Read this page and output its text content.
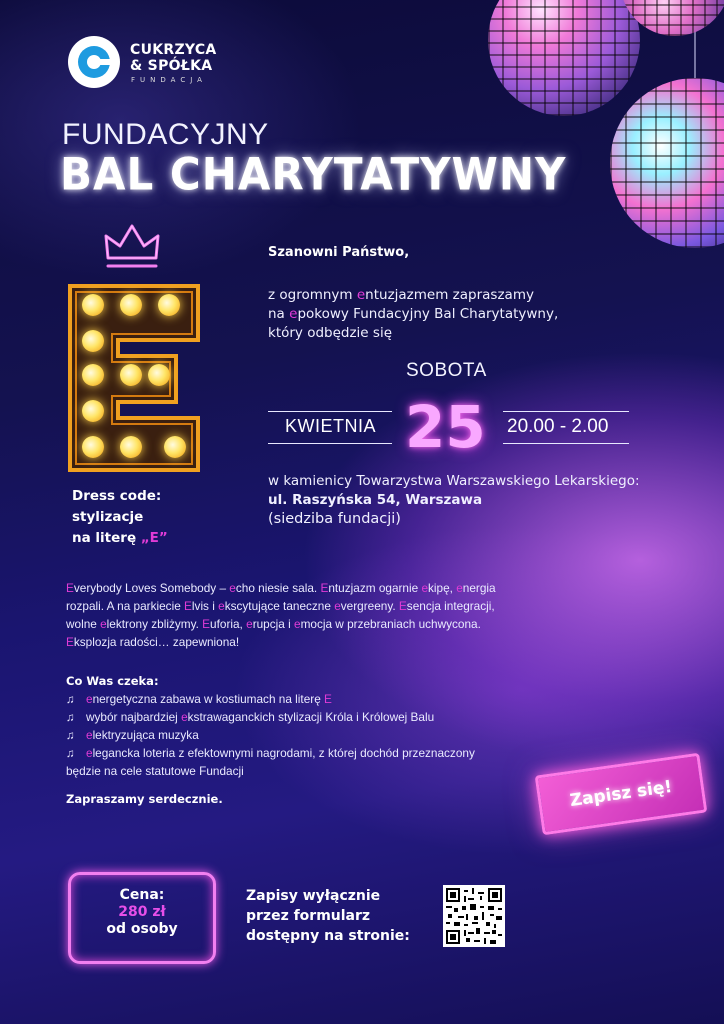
CUKRZYCA
& SPÓŁKA
FUNDACJA
FUNDACYJNY
BAL CHARYTATYWNY
Dress code:
stylizacje
na literę „E”
Szanowni Państwo,
z ogromnym entuzjazmem zapraszamy
na epokowy Fundacyjny Bal Charytatywny,
który odbędzie się
SOBOTA
KWIETNIA 25 20.00 - 2.00
w kamienicy Towarzystwa Warszawskiego Lekarskiego:
ul. Raszyńska 54, Warszawa
(siedziba fundacji)
Everybody Loves Somebody – echo niesie sala. Entuzjazm ogarnie ekipę, energia
rozpali. A na parkiecie Elvis i ekscytujące taneczne evergreeny. Esencja integracji,
wolne elektrony zbliżymy. Euforia, erupcja i emocja w przebraniach uchwycona.
Eksplozja radości… zapewniona!
Co Was czeka:
♫ energetyczna zabawa w kostiumach na literę E
♫ wybór najbardziej ekstrawaganckich stylizacji Króla i Królowej Balu
♫ elektryzująca muzyka
♫ elegancka loteria z efektownymi nagrodami, z której dochód przeznaczony
będzie na cele statutowe Fundacji
Zapraszamy serdecznie.	Zapisz się!
Cena:
280 zł
od osoby
Zapisy wyłącznie
przez formularz
dostępny na stronie:
